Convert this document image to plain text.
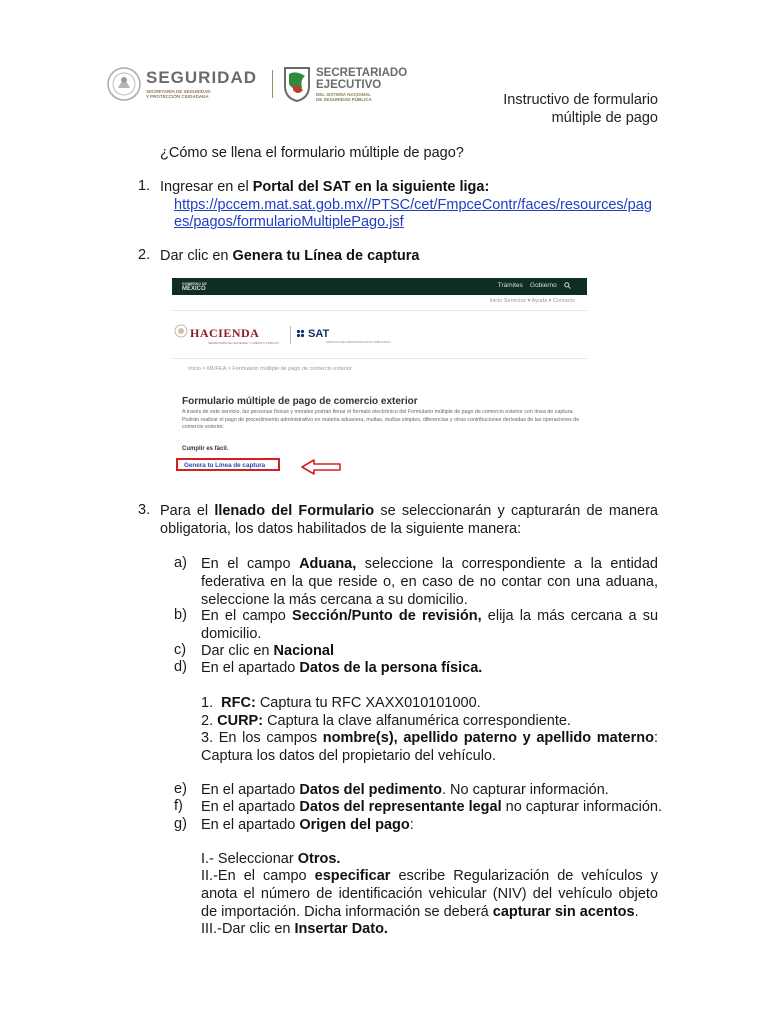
SEGURIDAD
SECRETARÍA DE SEGURIDAD
Y PROTECCIÓN CIUDADANA
SECRETARIADO
EJECUTIVO
DEL SISTEMA NACIONAL
DE SEGURIDAD PÚBLICA	Instructivo de formulario
múltiple de pago
¿Cómo se llena el formulario múltiple de pago?
1. Ingresar en el Portal del SAT en la siguiente liga:
https://pccem.mat.sat.gob.mx//PTSC/cet/FmpceContr/faces/resources/pag
es/pagos/formularioMultiplePago.jsf
2. Dar clic en Genera tu Línea de captura
GOBIERNO DE
MÉXICO	Trámites Gobierno
Inicio Servicios ▾ Ayuda ▾ Contacto
HACIENDA
SECRETARÍA DE HACIENDA Y CRÉDITO PÚBLICO
SAT
SERVICIO DE ADMINISTRACIÓN TRIBUTARIA
Inicio > MUFEA > Formulario múltiple de pago de comercio exterior
Formulario múltiple de pago de comercio exterior
A través de este servicio, las personas físicas y morales podrán llenar el formato electrónico del Formulario múltiple de pago de comercio exterior con línea de captura. Podrán realizar el pago de procedimiento administrativo en materia aduanera, multas, multas simples, diferencias y otras contribuciones derivadas de las operaciones de comercio exterior.
Cumplir es fácil.
Genera tu Línea de captura
3. Para el llenado del Formulario se seleccionarán y capturarán de manera obligatoria, los datos habilitados de la siguiente manera:
a) En el campo Aduana, seleccione la correspondiente a la entidad federativa en la que reside o, en caso de no contar con una aduana, seleccione la más cercana a su domicilio.
b) En el campo Sección/Punto de revisión, elija la más cercana a su domicilio.
c) Dar clic en Nacional
d) En el apartado Datos de la persona física.
1. RFC: Captura tu RFC XAXX010101000.
2. CURP: Captura la clave alfanumérica correspondiente.
3. En los campos nombre(s), apellido paterno y apellido materno: Captura los datos del propietario del vehículo.
e) En el apartado Datos del pedimento. No capturar información.
f) En el apartado Datos del representante legal no capturar información.
g) En el apartado Origen del pago:
I.- Seleccionar Otros.
II.-En el campo especificar escribe Regularización de vehículos y anota el número de identificación vehicular (NIV) del vehículo objeto de importación. Dicha información se deberá capturar sin acentos.
III.-Dar clic en Insertar Dato.
